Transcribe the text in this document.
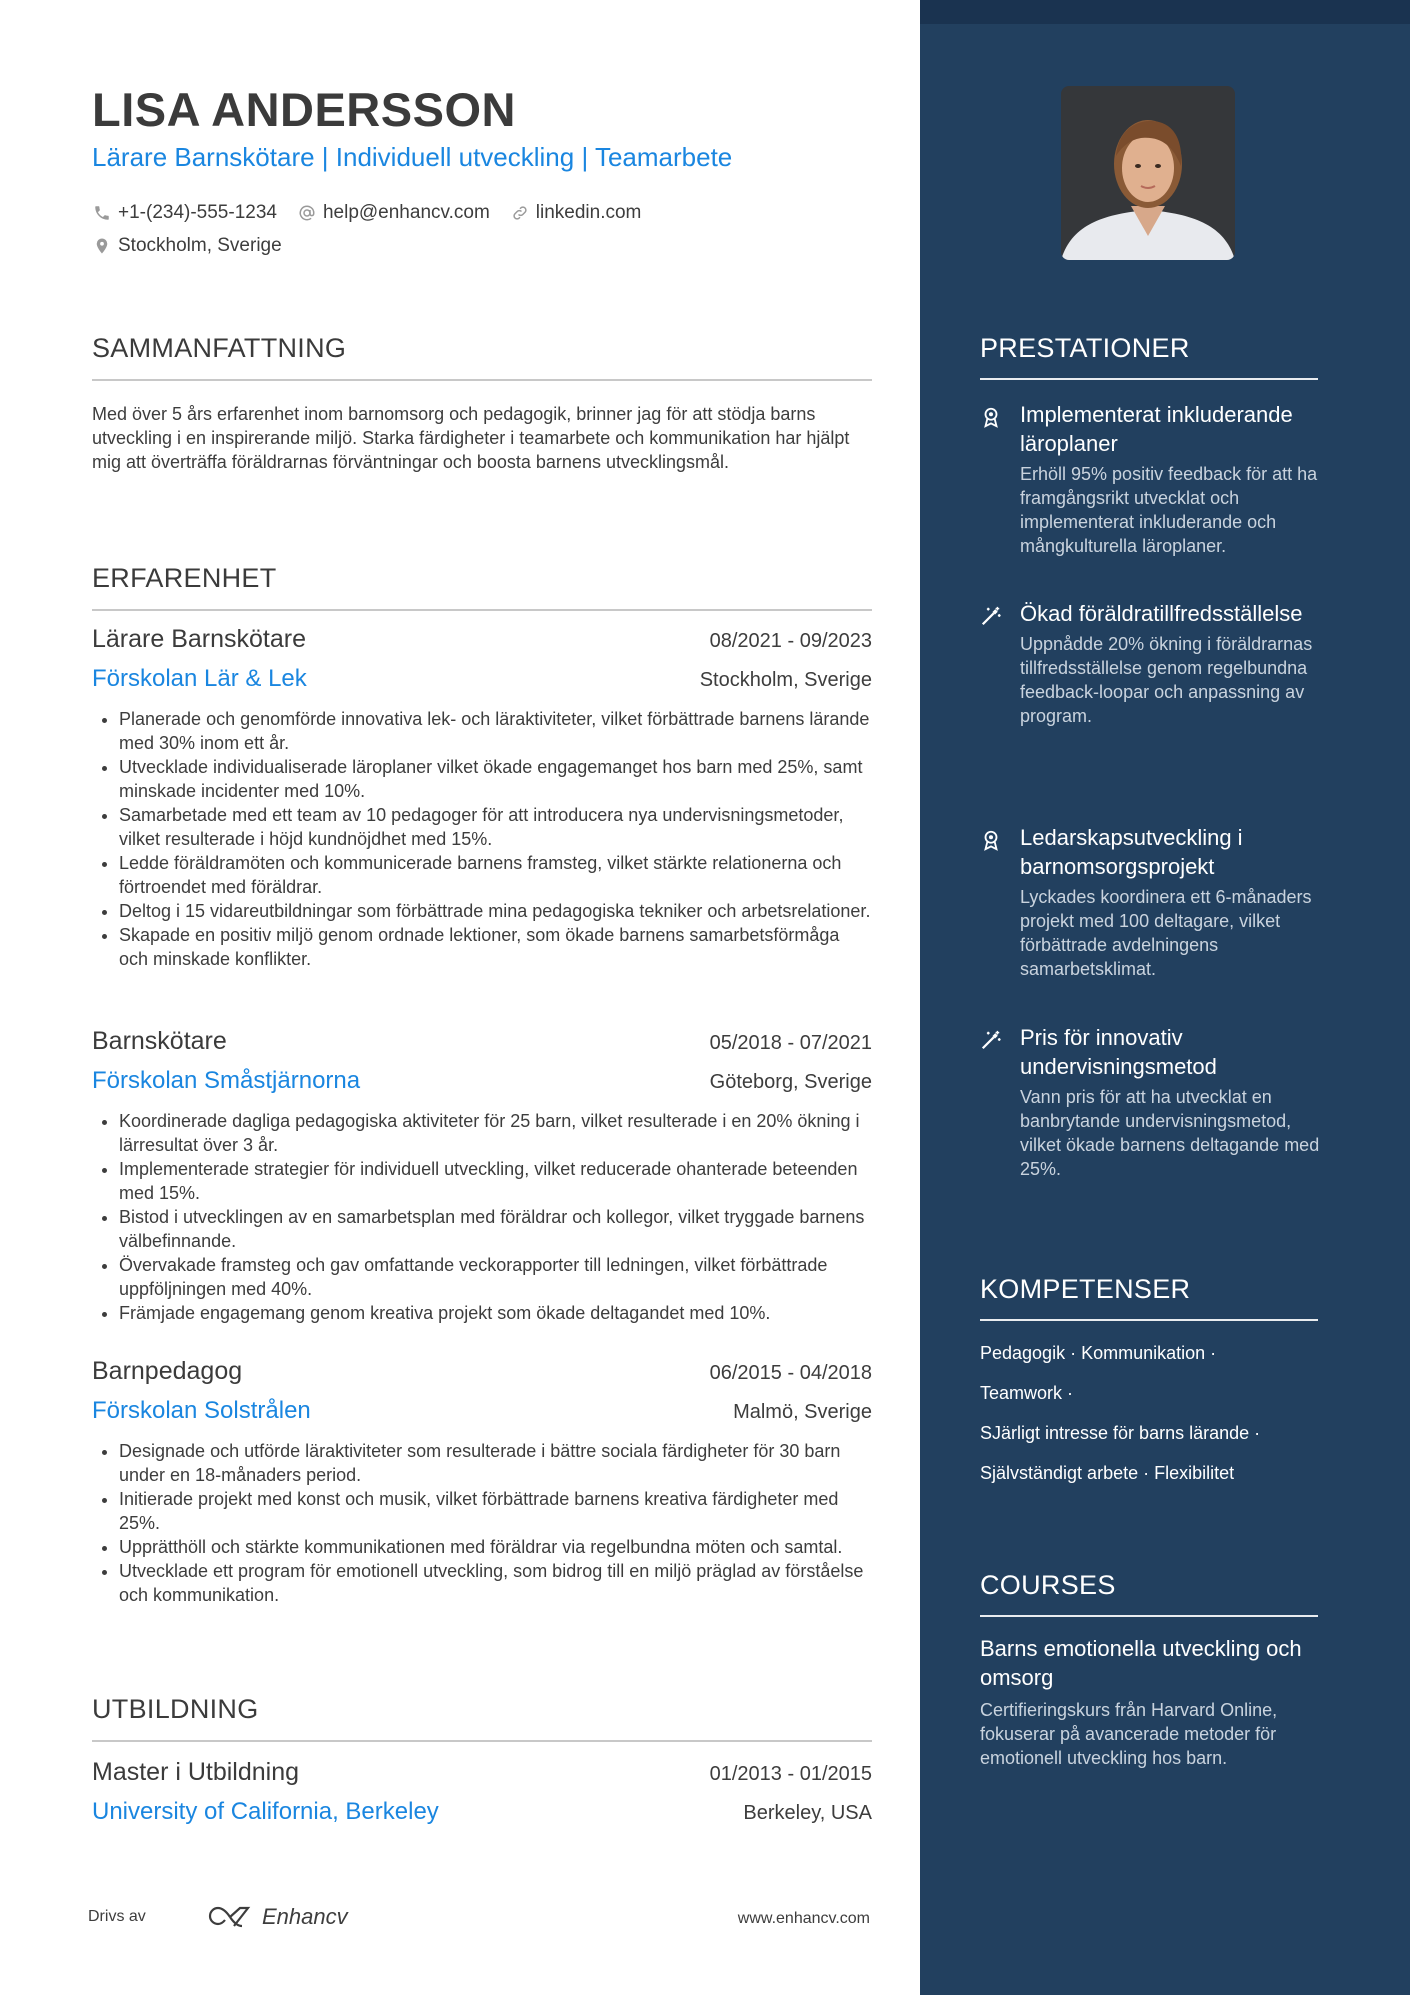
LISA ANDERSSON
Lärare Barnskötare | Individuell utveckling | Teamarbete
+1-(234)-555-1234 help@enhancv.com linkedin.com
Stockholm, Sverige
SAMMANFATTNING
Med över 5 års erfarenhet inom barnomsorg och pedagogik, brinner jag för att stödja barns utveckling i en inspirerande miljö. Starka färdigheter i teamarbete och kommunikation har hjälpt mig att överträffa föräldrarnas förväntningar och boosta barnens utvecklingsmål.
ERFARENHET
Lärare Barnskötare	08/2021 - 09/2023
Förskolan Lär & Lek	Stockholm, Sverige
• Planerade och genomförde innovativa lek- och läraktiviteter, vilket förbättrade barnens lärande med 30% inom ett år.
• Utvecklade individualiserade läroplaner vilket ökade engagemanget hos barn med 25%, samt minskade incidenter med 10%.
• Samarbetade med ett team av 10 pedagoger för att introducera nya undervisningsmetoder, vilket resulterade i höjd kundnöjdhet med 15%.
• Ledde föräldramöten och kommunicerade barnens framsteg, vilket stärkte relationerna och förtroendet med föräldrar.
• Deltog i 15 vidareutbildningar som förbättrade mina pedagogiska tekniker och arbetsrelationer.
• Skapade en positiv miljö genom ordnade lektioner, som ökade barnens samarbetsförmåga och minskade konflikter.
Barnskötare	05/2018 - 07/2021
Förskolan Småstjärnorna	Göteborg, Sverige
• Koordinerade dagliga pedagogiska aktiviteter för 25 barn, vilket resulterade i en 20% ökning i lärresultat över 3 år.
• Implementerade strategier för individuell utveckling, vilket reducerade ohanterade beteenden med 15%.
• Bistod i utvecklingen av en samarbetsplan med föräldrar och kollegor, vilket tryggade barnens välbefinnande.
• Övervakade framsteg och gav omfattande veckorapporter till ledningen, vilket förbättrade uppföljningen med 40%.
• Främjade engagemang genom kreativa projekt som ökade deltagandet med 10%.
Barnpedagog	06/2015 - 04/2018
Förskolan Solstrålen	Malmö, Sverige
• Designade och utförde läraktiviteter som resulterade i bättre sociala färdigheter för 30 barn under en 18-månaders period.
• Initierade projekt med konst och musik, vilket förbättrade barnens kreativa färdigheter med 25%.
• Upprätthöll och stärkte kommunikationen med föräldrar via regelbundna möten och samtal.
• Utvecklade ett program för emotionell utveckling, som bidrog till en miljö präglad av förståelse och kommunikation.
UTBILDNING
Master i Utbildning	01/2013 - 01/2015
University of California, Berkeley	Berkeley, USA
Drivs av	Enhancv	www.enhancv.com
PRESTATIONER
Implementerat inkluderande läroplaner
Erhöll 95% positiv feedback för att ha framgångsrikt utvecklat och implementerat inkluderande och mångkulturella läroplaner.
Ökad föräldratillfredsställelse
Uppnådde 20% ökning i föräldrarnas tillfredsställelse genom regelbundna feedback-loopar och anpassning av program.
Ledarskapsutveckling i barnomsorgsprojekt
Lyckades koordinera ett 6-månaders projekt med 100 deltagare, vilket förbättrade avdelningens samarbetsklimat.
Pris för innovativ undervisningsmetod
Vann pris för att ha utvecklat en banbrytande undervisningsmetod, vilket ökade barnens deltagande med 25%.
KOMPETENSER
Pedagogik · Kommunikation ·
Teamwork ·
SJärligt intresse för barns lärande ·
Självständigt arbete · Flexibilitet
COURSES
Barns emotionella utveckling och omsorg
Certifieringskurs från Harvard Online, fokuserar på avancerade metoder för emotionell utveckling hos barn.
